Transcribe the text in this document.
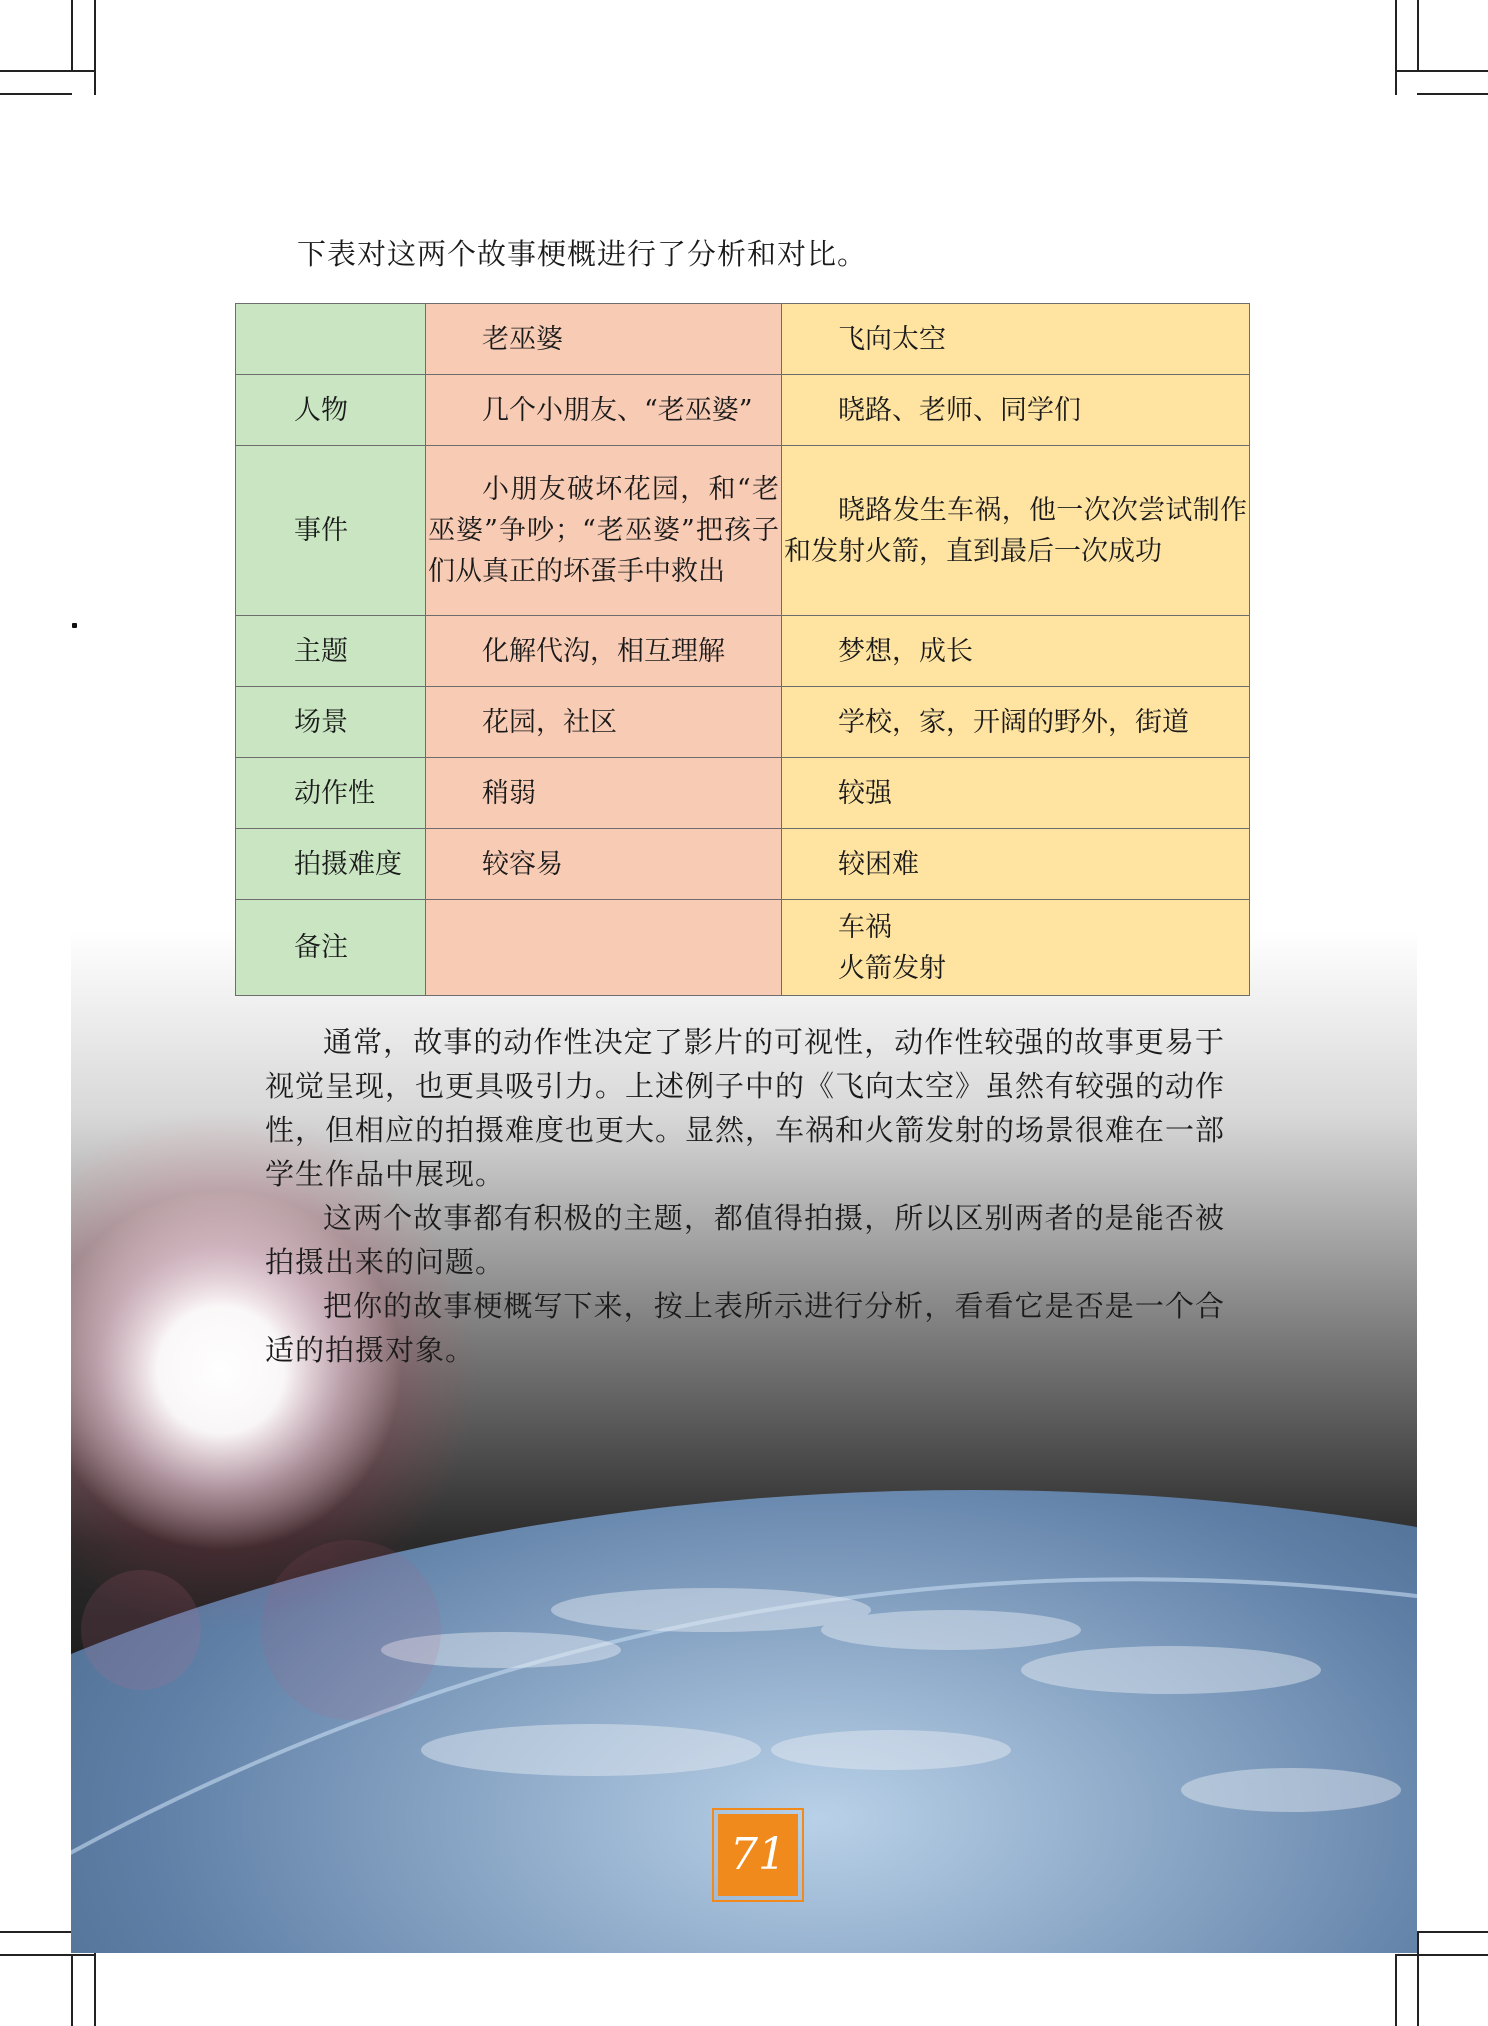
下表对这两个故事梗概进行了分析和对比。

	老巫婆	飞向太空
人物	几个小朋友、“老巫婆”	晓路、老师、同学们
事件	小朋友破坏花园，和“老巫婆”争吵；“老巫婆”把孩子们从真正的坏蛋手中救出	晓路发生车祸，他一次次尝试制作和发射火箭，直到最后一次成功

主题	化解代沟，相互理解	梦想，成长
场景	花园，社区	学校，家，开阔的野外，街道
动作性	稍弱	较强
拍摄难度	较容易	较困难
备注		车祸
火箭发射

通常，故事的动作性决定了影片的可视性，动作性较强的故事更易于视觉呈现，也更具吸引力。上述例子中的《飞向太空》虽然有较强的动作性，但相应的拍摄难度也更大。显然，车祸和火箭发射的场景很难在一部学生作品中展现。

这两个故事都有积极的主题，都值得拍摄，所以区别两者的是能否被拍摄出来的问题。

把你的故事梗概写下来，按上表所示进行分析，看看它是否是一个合适的拍摄对象。

71
